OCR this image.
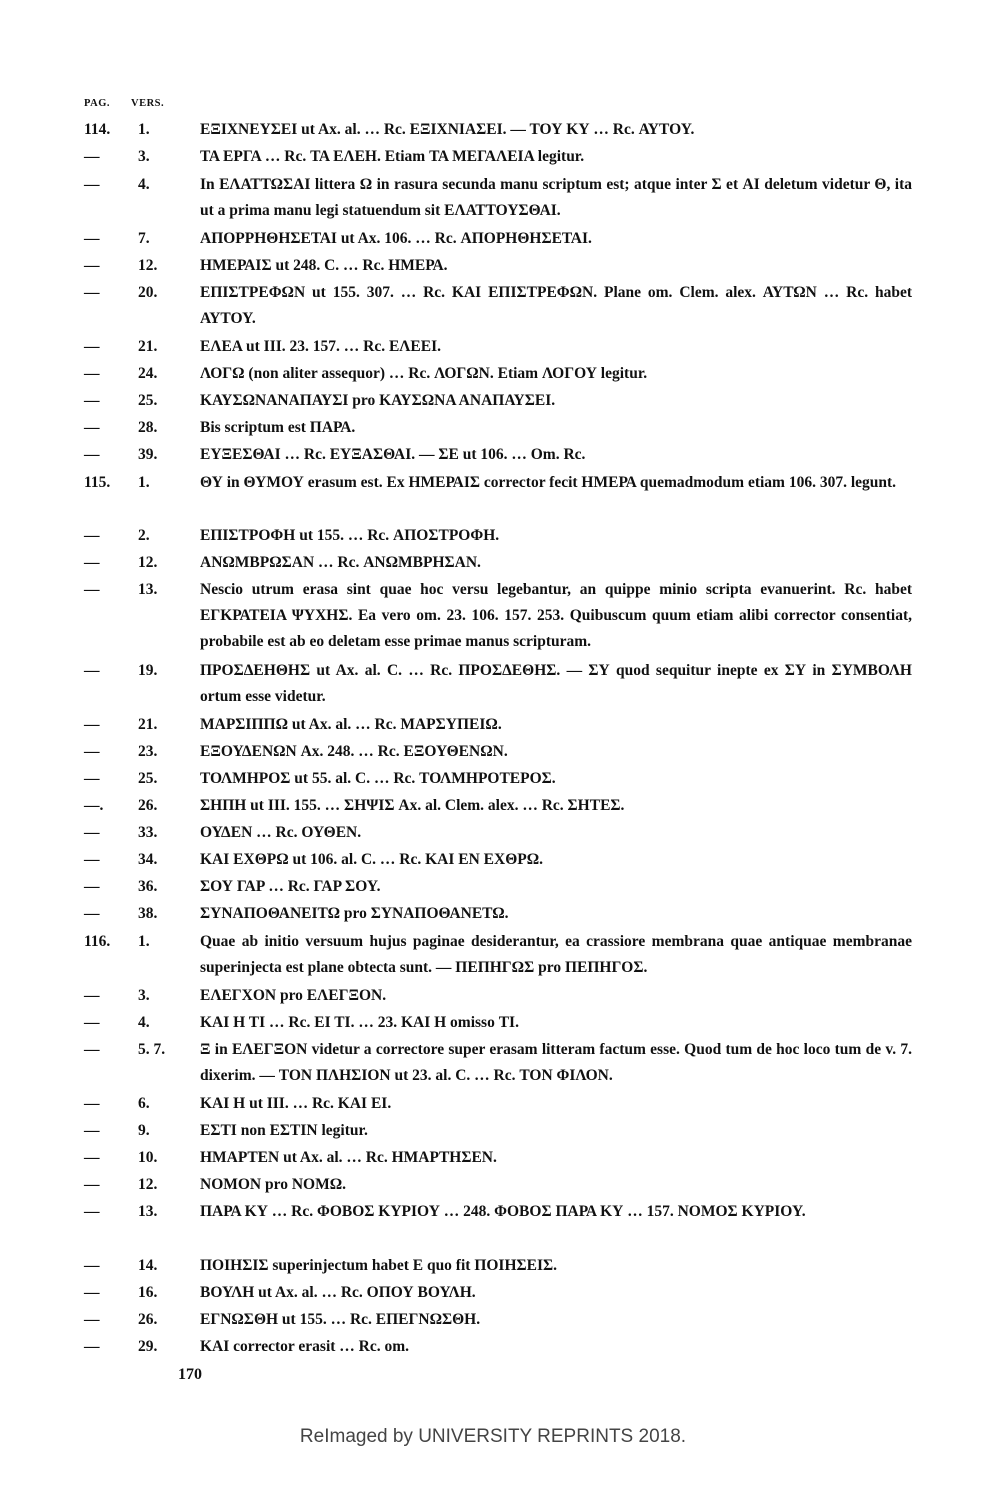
PAG. VERS.
114.	1.	ΕΞΙΧΝΕΥΣΕΙ ut Ax. al. … Rc. ΕΞΙΧΝΙΑΣΕΙ. — ΤΟΥ ΚΥ … Rc. ΑΥΤΟΥ.
—	3.	ΤΑ ΕΡΓΑ … Rc. ΤΑ ΕΛΕΗ. Etiam ΤΑ ΜΕΓΑΛΕΙΑ legitur.
—	4.	In ΕΛΑΤΤΩΣΑΙ littera Ω in rasura secunda manu scriptum est; atque inter Σ et ΑΙ deletum videtur Θ, ita ut a prima manu legi statuendum sit ΕΛΑΤΤΟΥΣΘΑΙ.
—	7.	ΑΠΟΡΡΗΘΗΣΕΤΑΙ ut Ax. 106. … Rc. ΑΠΟΡΗΘΗΣΕΤΑΙ.
—	12.	ΗΜΕΡΑΙΣ ut 248. C. … Rc. ΗΜΕΡΑ.
—	20.	ΕΠΙΣΤΡΕΦΩΝ ut 155. 307. … Rc. ΚΑΙ ΕΠΙΣΤΡΕΦΩΝ. Plane om. Clem. alex. ΑΥΤΩΝ … Rc. habet ΑΥΤΟΥ.
—	21.	ΕΛΕΑ ut III. 23. 157. … Rc. ΕΛΕΕΙ.
—	24.	ΛΟΓΩ (non aliter assequor) … Rc. ΛΟΓΩΝ. Etiam ΛΟΓΟΥ legitur.
—	25.	ΚΑΥΣΩΝΑΝΑΠΑΥΣΙ pro ΚΑΥΣΩΝΑ ΑΝΑΠΑΥΣΕΙ.
—	28.	Bis scriptum est ΠΑΡΑ.
—	39.	ΕΥΞΕΣΘΑΙ … Rc. ΕΥΞΑΣΘΑΙ. — ΣΕ ut 106. … Om. Rc.
115.	1.	ΘΥ in ΘΥΜΟΥ erasum est. Ex ΗΜΕΡΑΙΣ corrector fecit ΗΜΕΡΑ quemadmodum etiam 106. 307. legunt.
—	2.	ΕΠΙΣΤΡΟΦΗ ut 155. … Rc. ΑΠΟΣΤΡΟΦΗ.
—	12.	ΑΝΩΜΒΡΩΣΑΝ … Rc. ΑΝΩΜΒΡΗΣΑΝ.
—	13.	Nescio utrum erasa sint quae hoc versu legebantur, an quippe minio scripta evanuerint. Rc. habet ΕΓΚΡΑΤΕΙΑ ΨΥΧΗΣ. Ea vero om. 23. 106. 157. 253. Quibuscum quum etiam alibi corrector consentiat, probabile est ab eo deletam esse primae manus scripturam.
—	19.	ΠΡΟΣΔΕΗΘΗΣ ut Ax. al. C. … Rc. ΠΡΟΣΔΕΘΗΣ. — ΣΥ quod sequitur inepte ex ΣΥ in ΣΥΜΒΟΛΗ ortum esse videtur.
—	21.	ΜΑΡΣΙΠΠΩ ut Ax. al. … Rc. ΜΑΡΣΥΠΕΙΩ.
—	23.	ΕΞΟΥΔΕΝΩΝ Ax. 248. … Rc. ΕΞΟΥΘΕΝΩΝ.
—	25.	ΤΟΛΜΗΡΟΣ ut 55. al. C. … Rc. ΤΟΛΜΗΡΟΤΕΡΟΣ.
—.	26.	ΣΗΠΗ ut III. 155. … ΣΗΨΙΣ Ax. al. Clem. alex. … Rc. ΣΗΤΕΣ.
—	33.	ΟΥΔΕΝ … Rc. ΟΥΘΕΝ.
—	34.	ΚΑΙ ΕΧΘΡΩ ut 106. al. C. … Rc. ΚΑΙ ΕΝ ΕΧΘΡΩ.
—	36.	ΣΟΥ ΓΑΡ … Rc. ΓΑΡ ΣΟΥ.
—	38.	ΣΥΝΑΠΟΘΑΝΕΙΤΩ pro ΣΥΝΑΠΟΘΑΝΕΤΩ.
116.	1.	Quae ab initio versuum hujus paginae desiderantur, ea crassiore membrana quae antiquae membranae superinjecta est plane obtecta sunt. — ΠΕΠΗΓΩΣ pro ΠΕΠΗΓΟΣ.
—	3.	ΕΛΕΓΧΟΝ pro ΕΛΕΓΞΟΝ.
—	4.	ΚΑΙ Η ΤΙ … Rc. ΕΙ ΤΙ. … 23. ΚΑΙ Η omisso ΤΙ.
—	5. 7.	Ξ in ΕΛΕΓΞΟΝ videtur a correctore super erasam litteram factum esse. Quod tum de hoc loco tum de v. 7. dixerim. — ΤΟΝ ΠΛΗΣΙΟΝ ut 23. al. C. … Rc. ΤΟΝ ΦΙΛΟΝ.
—	6.	ΚΑΙ Η ut III. … Rc. ΚΑΙ ΕΙ.
—	9.	ΕΣΤΙ non ΕΣΤΙΝ legitur.
—	10.	ΗΜΑΡΤΕΝ ut Ax. al. … Rc. ΗΜΑΡΤΗΣΕΝ.
—	12.	ΝΟΜΟΝ pro ΝΟΜΩ.
—	13.	ΠΑΡΑ ΚΥ … Rc. ΦΟΒΟΣ ΚΥΡΙΟΥ … 248. ΦΟΒΟΣ ΠΑΡΑ ΚΥ … 157. ΝΟΜΟΣ ΚΥΡΙΟΥ.
—	14.	ΠΟΙΗΣΙΣ superinjectum habet Ε quo fit ΠΟΙΗΣΕΙΣ.
—	16.	ΒΟΥΛΗ ut Ax. al. … Rc. ΟΠΟΥ ΒΟΥΛΗ.
—	26.	ΕΓΝΩΣΘΗ ut 155. … Rc. ΕΠΕΓΝΩΣΘΗ.
—	29.	ΚΑΙ corrector erasit … Rc. om.
170
ReImaged by UNIVERSITY REPRINTS 2018.
